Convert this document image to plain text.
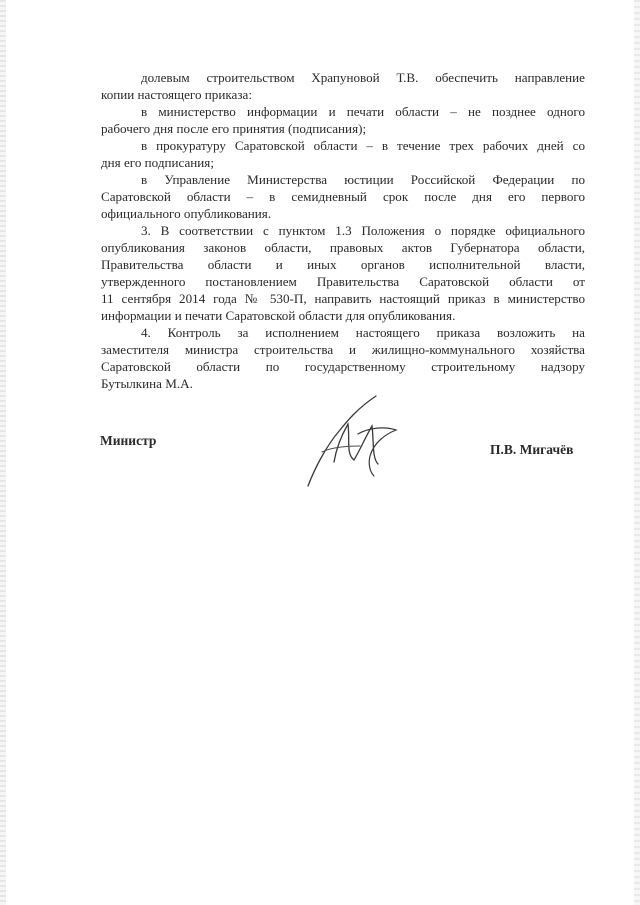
долевым строительством Храпуновой Т.В. обеспечить направление
копии настоящего приказа:
в министерство информации и печати области – не позднее одного
рабочего дня после его принятия (подписания);
в прокуратуру Саратовской области – в течение трех рабочих дней со
дня его подписания;
в Управление Министерства юстиции Российской Федерации по
Саратовской области – в семидневный срок после дня его первого
официального опубликования.
3. В соответствии с пунктом 1.3 Положения о порядке официального
опубликования законов области, правовых актов Губернатора области,
Правительства области и иных органов исполнительной власти,
утвержденного постановлением Правительства Саратовской области от
11 сентября 2014 года № 530-П, направить настоящий приказ в министерство
информации и печати Саратовской области для опубликования.
4. Контроль за исполнением настоящего приказа возложить на
заместителя министра строительства и жилищно-коммунального хозяйства
Саратовской области по государственному строительному надзору
Бутылкина М.А.
Министр
П.В. Мигачёв
